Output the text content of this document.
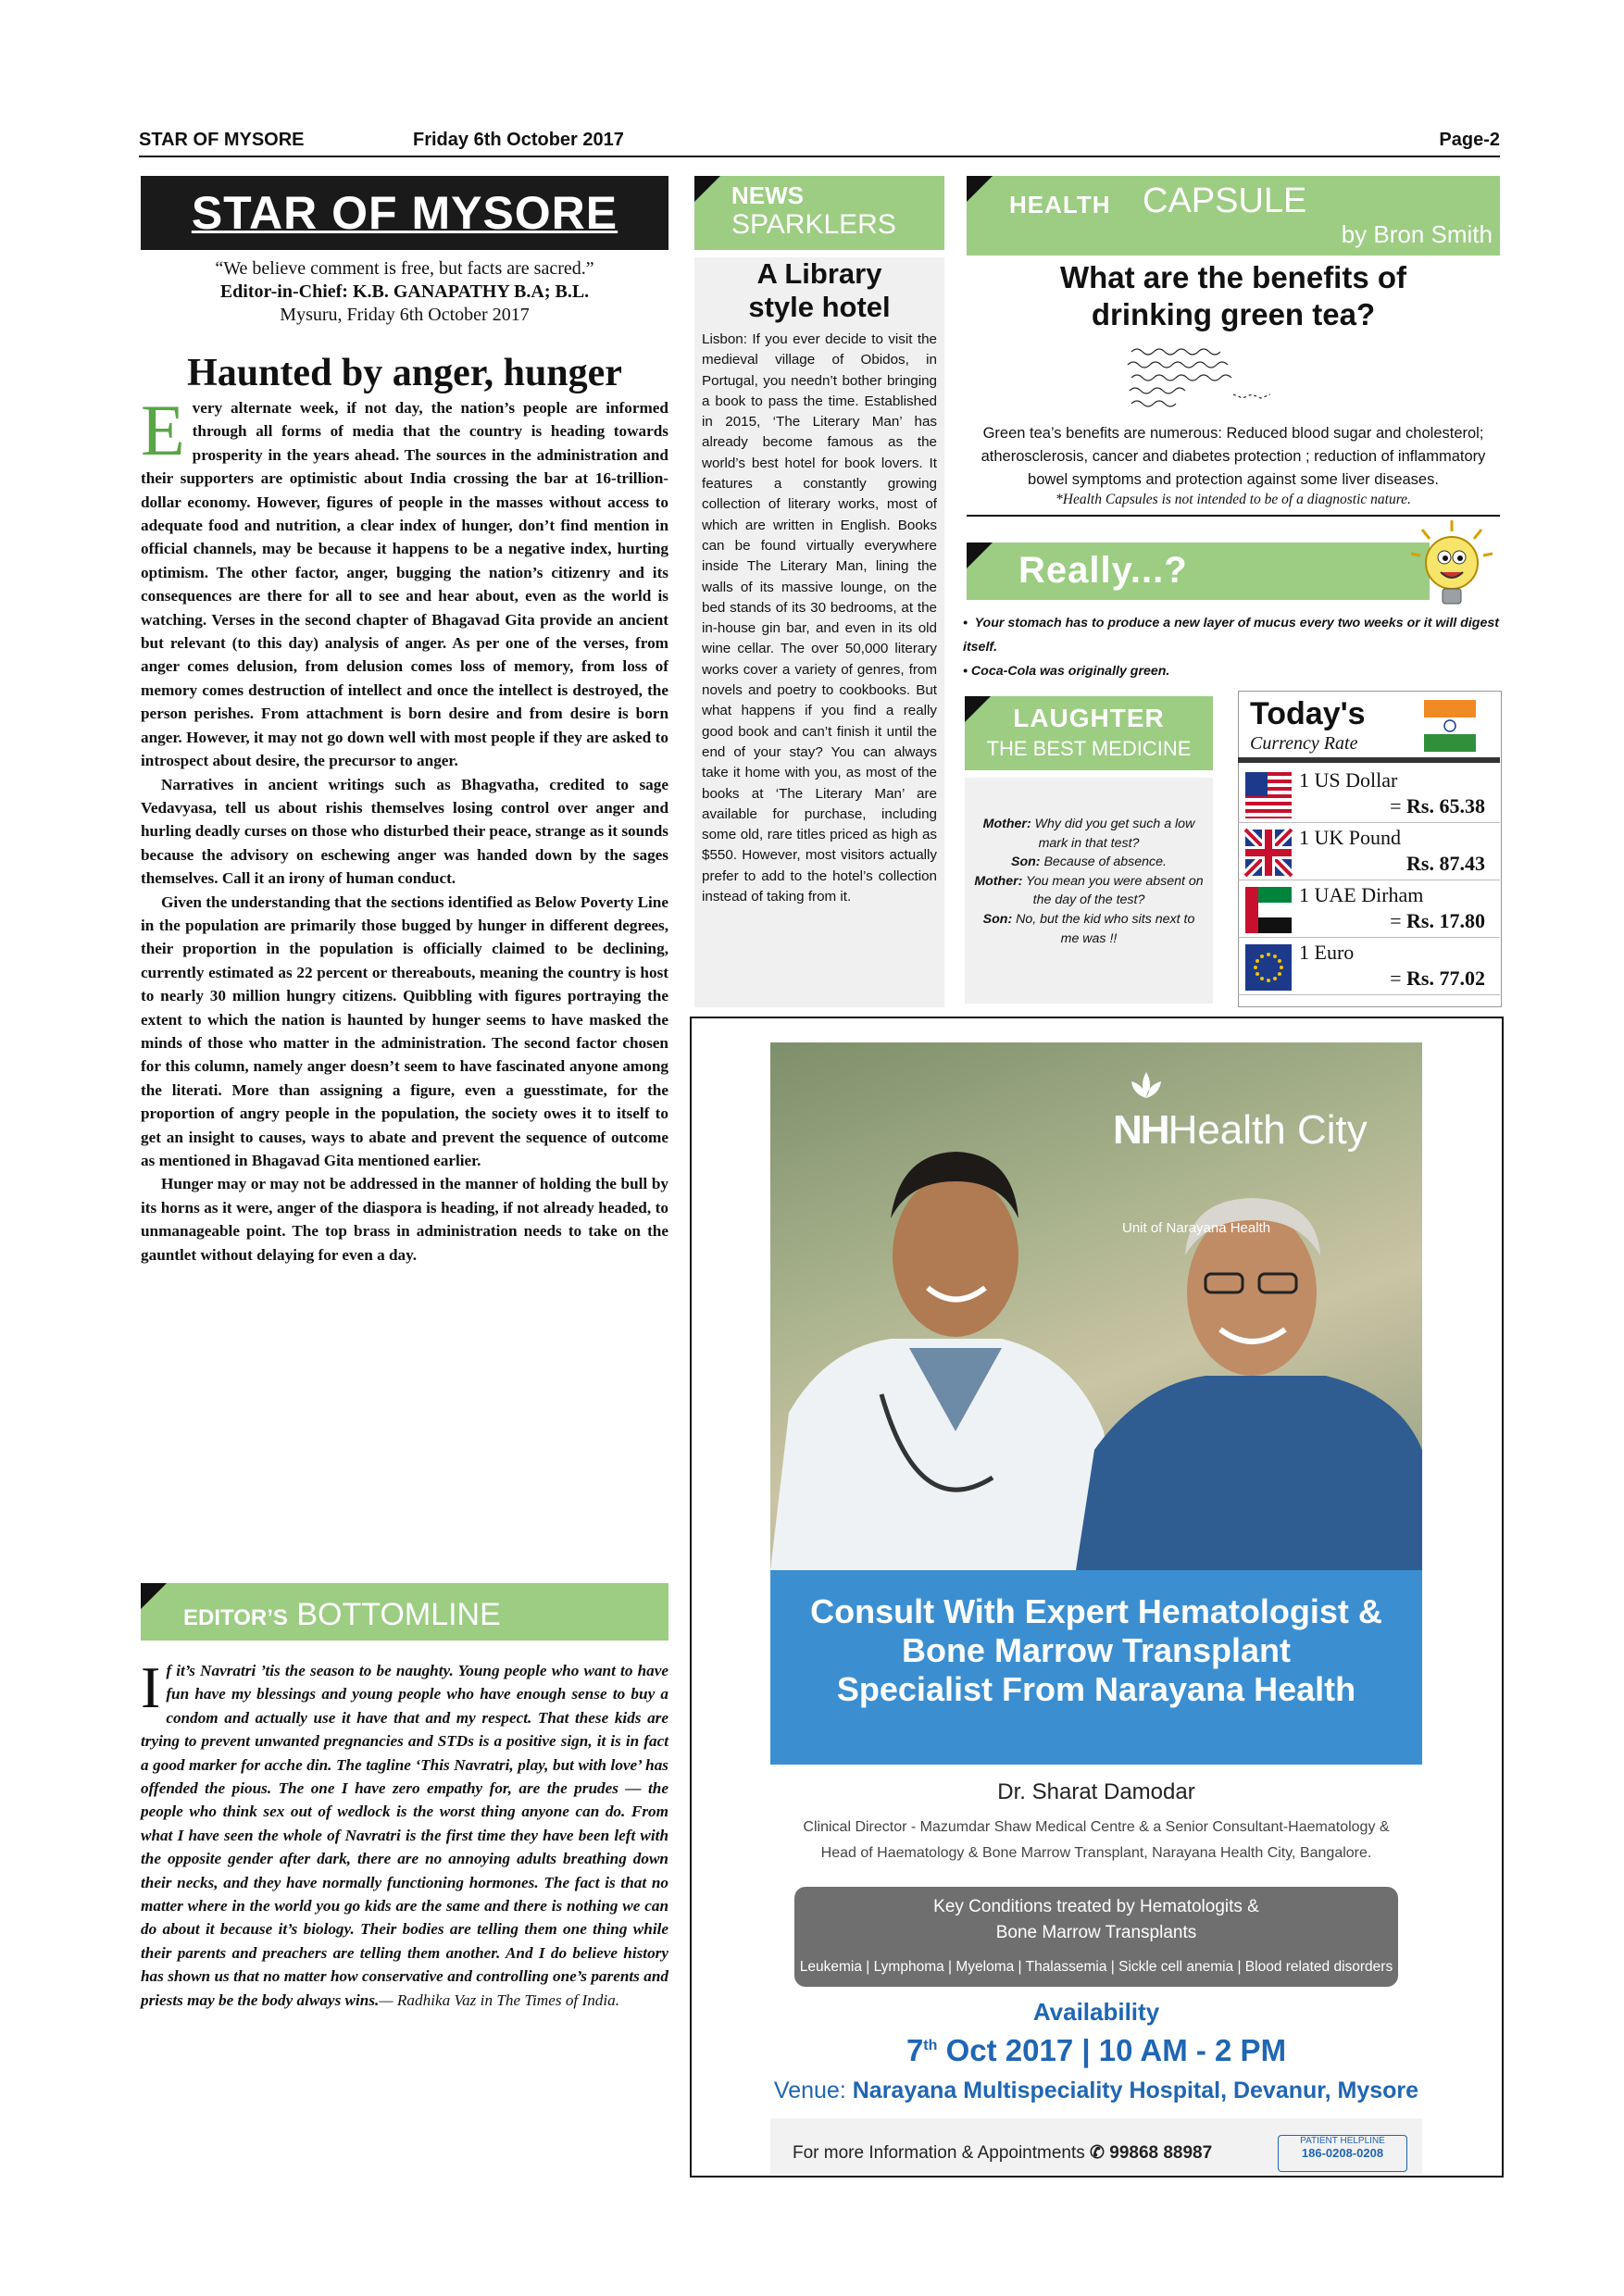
STAR OF MYSORE	Friday 6th October 2017	Page-2
STAR OF MYSORE
“We believe comment is free, but facts are sacred.”
Editor-in-Chief: K.B. GANAPATHY B.A; B.L.
Mysuru, Friday 6th October 2017
Haunted by anger, hunger

Every alternate week, if not day, the nation’s people are informed through all forms of media that the country is heading towards prosperity in the years ahead. The sources in the administration and their supporters are optimistic about India crossing the bar at 16-trillion-dollar economy. However, figures of people in the masses without access to adequate food and nutrition, a clear index of hunger, don’t find mention in official channels, may be because it happens to be a negative index, hurting optimism. The other factor, anger, bugging the nation’s citizenry and its consequences are there for all to see and hear about, even as the world is watching. Verses in the second chapter of Bhagavad Gita provide an ancient but relevant (to this day) analysis of anger. As per one of the verses, from anger comes delusion, from delusion comes loss of memory, from loss of memory comes destruction of intellect and once the intellect is destroyed, the person perishes. From attachment is born desire and from desire is born anger. However, it may not go down well with most people if they are asked to introspect about desire, the precursor to anger.

Narratives in ancient writings such as Bhagvatha, credited to sage Vedavyasa, tell us about rishis themselves losing control over anger and hurling deadly curses on those who disturbed their peace, strange as it sounds because the advisory on eschewing anger was handed down by the sages themselves. Call it an irony of human conduct.

Given the understanding that the sections identified as Below Poverty Line in the population are primarily those bugged by hunger in different degrees, their proportion in the population is officially claimed to be declining, currently estimated as 22 percent or thereabouts, meaning the country is host to nearly 30 million hungry citizens. Quibbling with figures portraying the extent to which the nation is haunted by hunger seems to have masked the minds of those who matter in the administration. The second factor chosen for this column, namely anger doesn’t seem to have fascinated anyone among the literati. More than assigning a figure, even a guesstimate, for the proportion of angry people in the population, the society owes it to itself to get an insight to causes, ways to abate and prevent the sequence of outcome as mentioned in Bhagavad Gita mentioned earlier.

Hunger may or may not be addressed in the manner of holding the bull by its horns as it were, anger of the diaspora is heading, if not already headed, to unmanageable point. The top brass in administration needs to take on the gauntlet without delaying for even a day.

EDITOR’S BOTTOMLINE
If it’s Navratri ’tis the season to be naughty. Young people who want to have fun have my blessings and young people who have enough sense to buy a condom and actually use it have that and my respect. That these kids are trying to prevent unwanted pregnancies and STDs is a positive sign, it is in fact a good marker for acche din. The tagline ‘This Navratri, play, but with love’ has offended the pious. The one I have zero empathy for, are the prudes — the people who think sex out of wedlock is the worst thing anyone can do. From what I have seen the whole of Navratri is the first time they have been left with the opposite gender after dark, there are no annoying adults breathing down their necks, and they have normally functioning hormones. The fact is that no matter where in the world you go kids are the same and there is nothing we can do about it because it’s biology. Their bodies are telling them one thing while their parents and preachers are telling them another. And I do believe history has shown us that no matter how conservative and controlling one’s parents and priests may be the body always wins.— Radhika Vaz in The Times of India.
NEWS
SPARKLERS
A Library
style hotel
Lisbon: If you ever decide to visit the medieval village of Obidos, in Portugal, you needn’t bother bringing a book to pass the time. Established in 2015, ‘The Literary Man’ has already become famous as the world’s best hotel for book lovers. It features a constantly growing collection of literary works, most of which are written in English. Books can be found virtually everywhere inside The Literary Man, lining the walls of its massive lounge, on the bed stands of its 30 bedrooms, at the in-house gin bar, and even in its old wine cellar. The over 50,000 literary works cover a variety of genres, from novels and poetry to cookbooks. But what happens if you find a really good book and can’t finish it until the end of your stay? You can always take it home with you, as most of the books at ‘The Literary Man’ are available for purchase, including some old, rare titles priced as high as $550. However, most visitors actually prefer to add to the hotel’s collection instead of taking from it.
HEALTH CAPSULE
by Bron Smith
What are the benefits of
drinking green tea?
Green tea’s benefits are numerous: Reduced blood sugar and cholesterol; atherosclerosis, cancer and diabetes protection ; reduction of inflammatory bowel symptoms and protection against some liver diseases.
*Health Capsules is not intended to be of a diagnostic nature.
Really...?
•  Your stomach has to produce a new layer of mucus every two weeks or it will digest itself.
• Coca-Cola was originally green.
LAUGHTER
THE BEST MEDICINE
Mother: Why did you get such a low mark in that test?
Son: Because of absence.
Mother: You mean you were absent on the day of the test?
Son: No, but the kid who sits next to me was !!
Today's
Currency Rate
1 US Dollar
= Rs. 65.38
1 UK Pound
Rs. 87.43
1 UAE Dirham
= Rs. 17.80
1 Euro
= Rs. 77.02
NHHealth City
Unit of Narayana Health
Consult With Expert Hematologist &
Bone Marrow Transplant
Specialist From Narayana Health
Dr. Sharat Damodar
Clinical Director - Mazumdar Shaw Medical Centre & a Senior Consultant-Haematology & Head of Haematology & Bone Marrow Transplant, Narayana Health City, Bangalore.
Key Conditions treated by Hematologits &
Bone Marrow Transplants
Leukemia | Lymphoma | Myeloma | Thalassemia | Sickle cell anemia | Blood related disorders
Availability
7th Oct 2017 | 10 AM - 2 PM
Venue: Narayana Multispeciality Hospital, Devanur, Mysore
For more Information & Appointments ✆ 99868 88987
PATIENT HELPLINE
186-0208-0208
